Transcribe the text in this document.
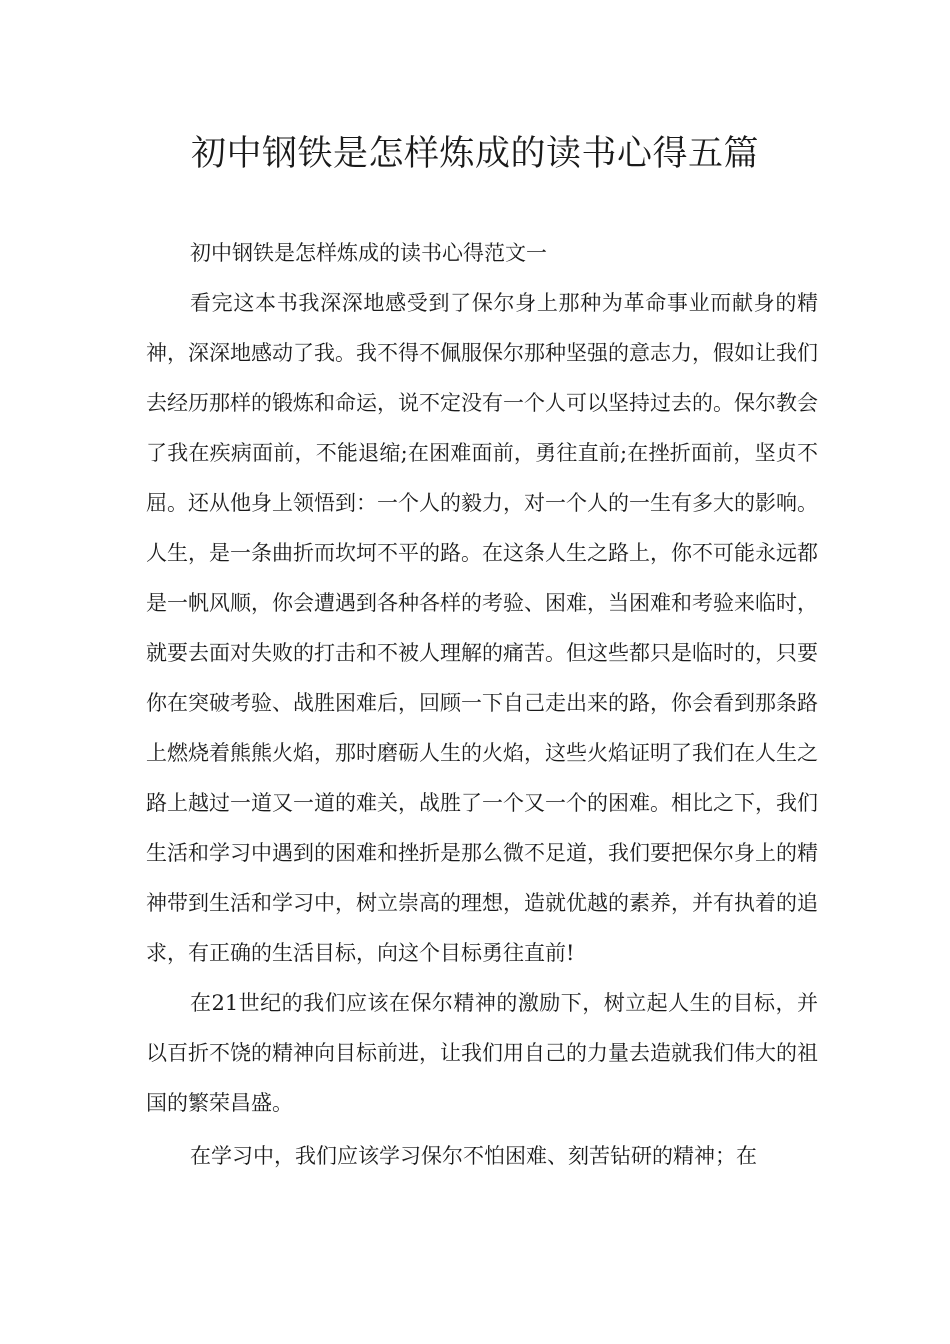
初中钢铁是怎样炼成的读书心得五篇

初中钢铁是怎样炼成的读书心得范文一

看完这本书我深深地感受到了保尔身上那种为革命事业而献身的精神，深深地感动了我。我不得不佩服保尔那种坚强的意志力，假如让我们去经历那样的锻炼和命运，说不定没有一个人可以坚持过去的。保尔教会了我在疾病面前，不能退缩;在困难面前，勇往直前;在挫折面前，坚贞不屈。还从他身上领悟到：一个人的毅力，对一个人的一生有多大的影响。人生，是一条曲折而坎坷不平的路。在这条人生之路上，你不可能永远都是一帆风顺，你会遭遇到各种各样的考验、困难，当困难和考验来临时，就要去面对失败的打击和不被人理解的痛苦。但这些都只是临时的，只要你在突破考验、战胜困难后，回顾一下自己走出来的路，你会看到那条路上燃烧着熊熊火焰，那时磨砺人生的火焰，这些火焰证明了我们在人生之路上越过一道又一道的难关，战胜了一个又一个的困难。相比之下，我们生活和学习中遇到的困难和挫折是那么微不足道，我们要把保尔身上的精神带到生活和学习中，树立崇高的理想，造就优越的素养，并有执着的追求，有正确的生活目标，向这个目标勇往直前!

在21世纪的我们应该在保尔精神的激励下，树立起人生的目标，并以百折不饶的精神向目标前进，让我们用自己的力量去造就我们伟大的祖国的繁荣昌盛。

在学习中，我们应该学习保尔不怕困难、刻苦钻研的精神；在
